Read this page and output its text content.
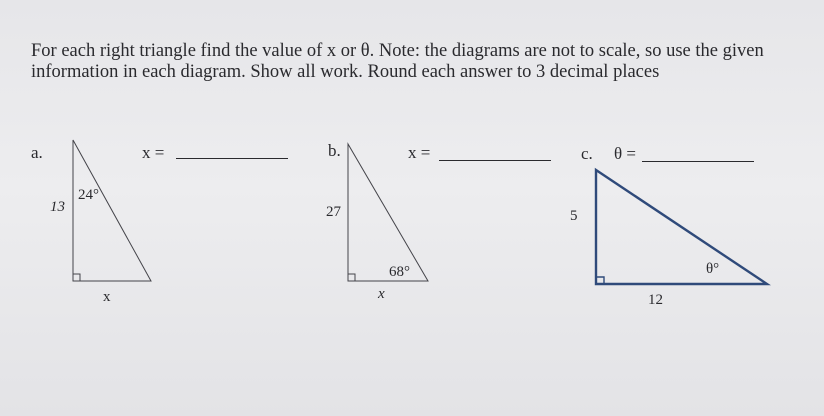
For each right triangle find the value of x or θ. Note: the diagrams are not to scale, so use the given information in each diagram. Show all work. Round each answer to 3 decimal places

a.	x =
13
24°
x
b.	x =
27
68°
x
c. θ =
5
θ°
12
